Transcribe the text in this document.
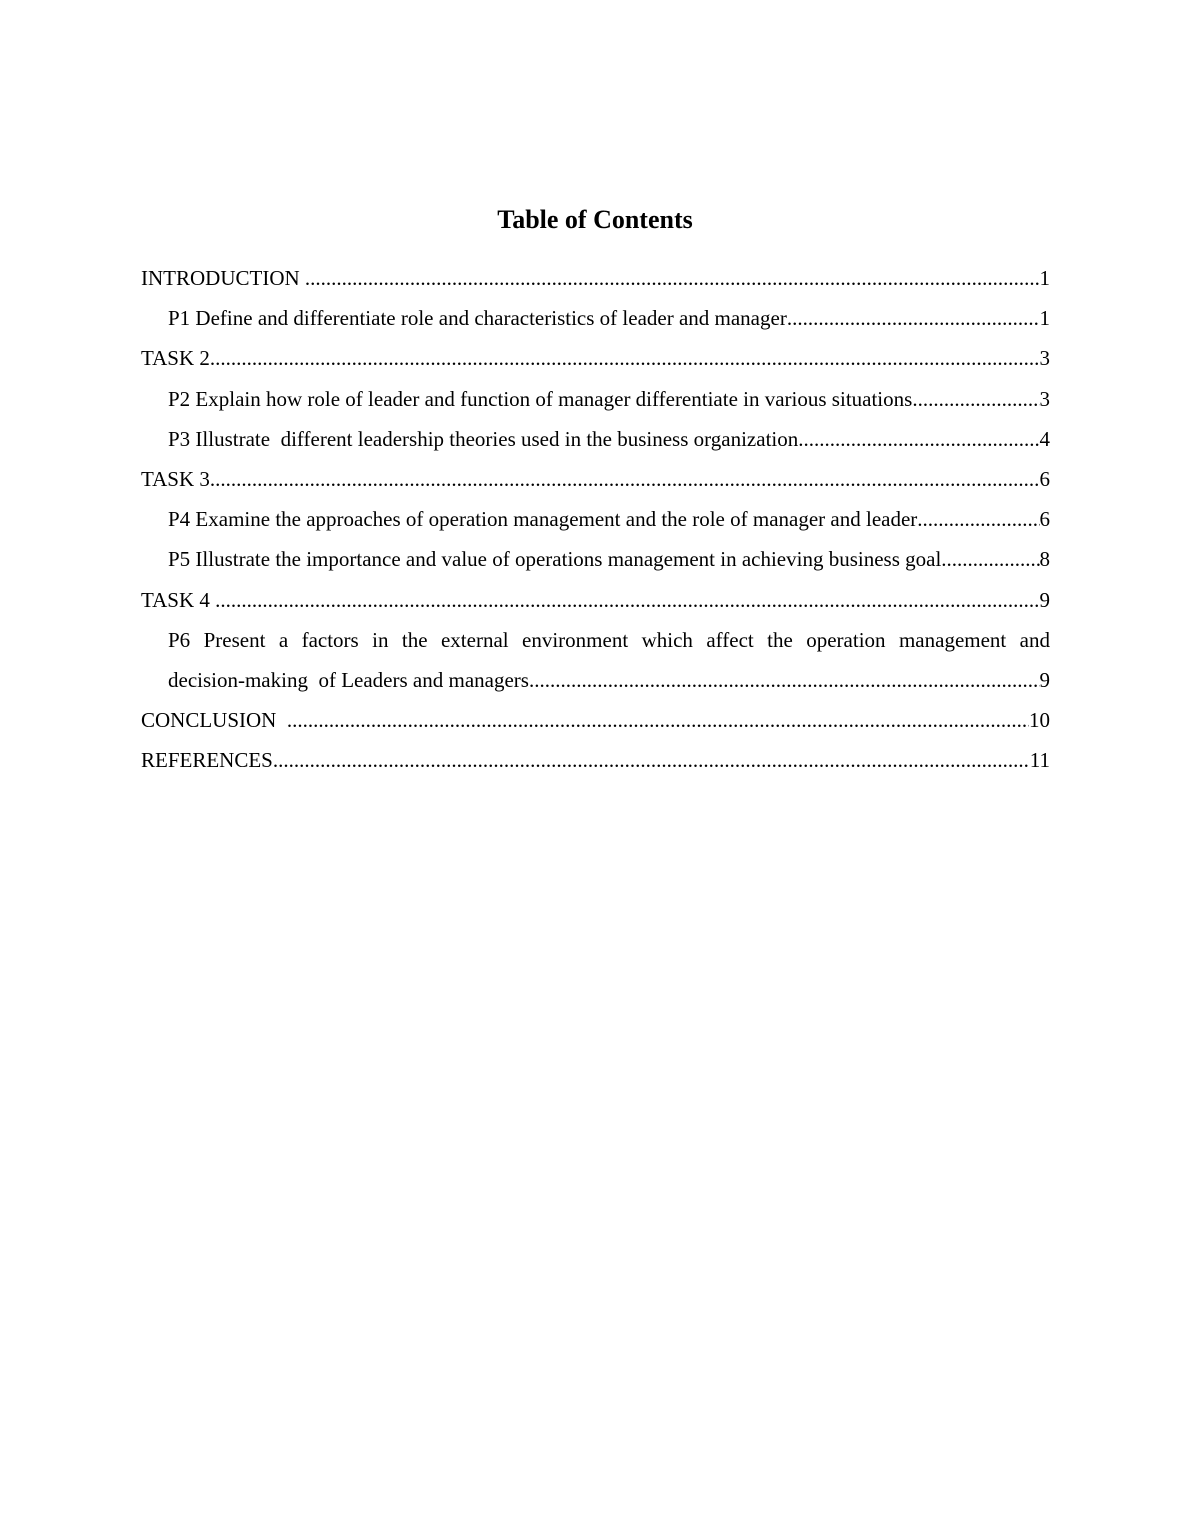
Table of Contents
INTRODUCTION .....	1
P1 Define and differentiate role and characteristics of leader and manager .....	1
TASK 2 .....	3
P2 Explain how role of leader and function of manager differentiate in various situations .....	3
P3 Illustrate  different leadership theories used in the business organization .....	4
TASK 3 .....	6
P4 Examine the approaches of operation management and the role of manager and leader .....	6
P5 Illustrate the importance and value of operations management in achieving business goal .....	8
TASK 4 .....	9
P6 Present a factors in the external environment which affect the operation management and
decision-making  of Leaders and managers .....	9
CONCLUSION .....	10
REFERENCES .....	11
